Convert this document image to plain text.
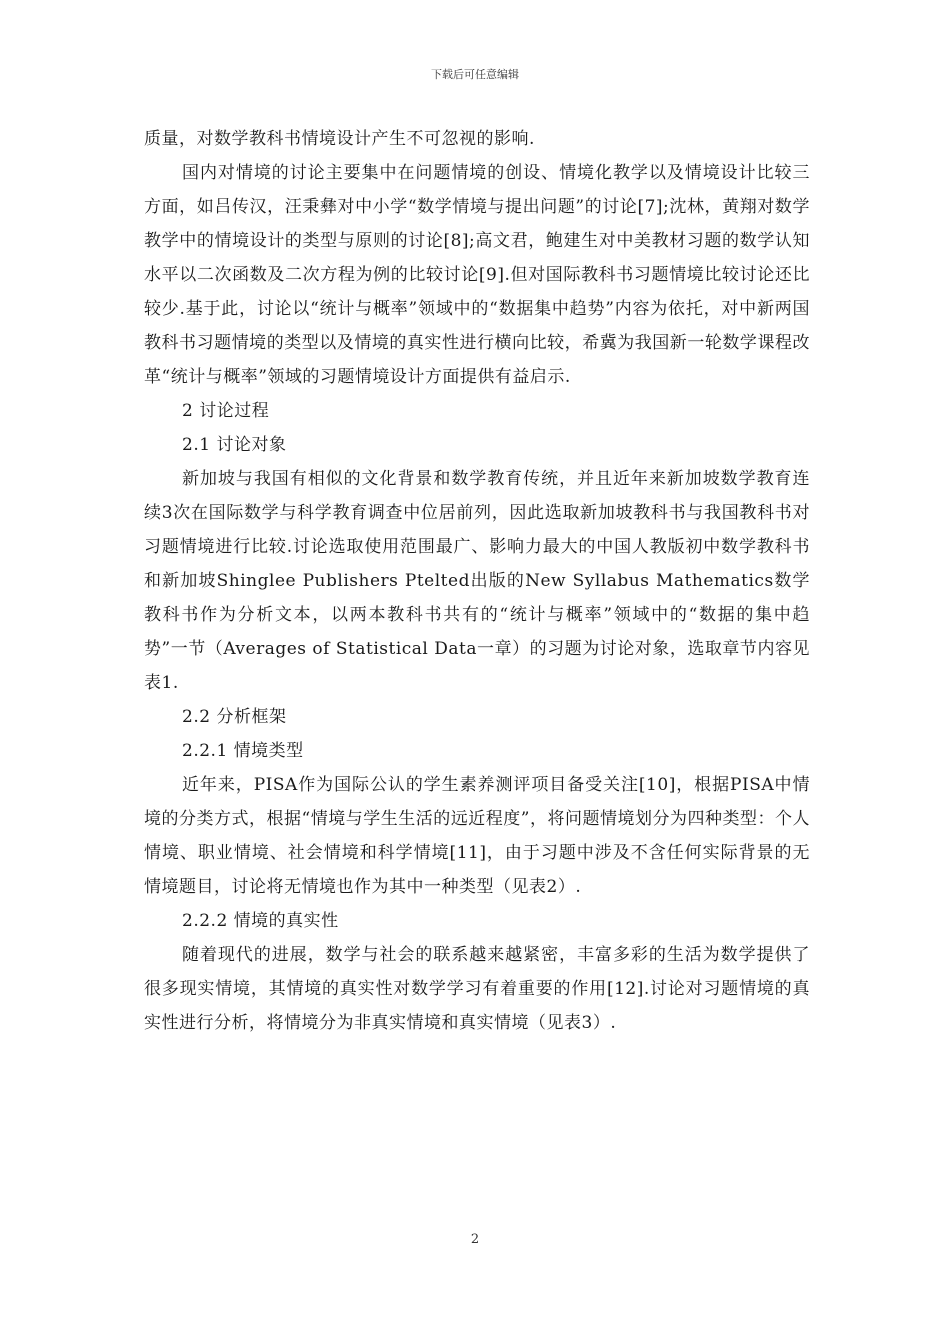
下载后可任意编辑

质量，对数学教科书情境设计产生不可忽视的影响.

国内对情境的讨论主要集中在问题情境的创设、情境化教学以及情境设计比较三方面，如吕传汉，汪秉彝对中小学“数学情境与提出问题”的讨论[7];沈林，黄翔对数学教学中的情境设计的类型与原则的讨论[8];高文君，鲍建生对中美教材习题的数学认知水平以二次函数及二次方程为例的比较讨论[9].但对国际教科书习题情境比较讨论还比较少.基于此，讨论以“统计与概率”领域中的“数据集中趋势”内容为依托，对中新两国教科书习题情境的类型以及情境的真实性进行横向比较，希冀为我国新一轮数学课程改革“统计与概率”领域的习题情境设计方面提供有益启示.

2 讨论过程

2.1 讨论对象

新加坡与我国有相似的文化背景和数学教育传统，并且近年来新加坡数学教育连续3次在国际数学与科学教育调查中位居前列，因此选取新加坡教科书与我国教科书对习题情境进行比较.讨论选取使用范围最广、影响力最大的中国人教版初中数学教科书和新加坡Shinglee Publishers Ptelted出版的New Syllabus Mathematics数学教科书作为分析文本，以两本教科书共有的“统计与概率”领域中的“数据的集中趋势”一节（Averages of Statistical Data一章）的习题为讨论对象，选取章节内容见表1.

2.2 分析框架

2.2.1 情境类型

近年来，PISA作为国际公认的学生素养测评项目备受关注[10]，根据PISA中情境的分类方式，根据“情境与学生生活的远近程度”，将问题情境划分为四种类型：个人情境、职业情境、社会情境和科学情境[11]，由于习题中涉及不含任何实际背景的无情境题目，讨论将无情境也作为其中一种类型（见表2）.

2.2.2 情境的真实性

随着现代的进展，数学与社会的联系越来越紧密，丰富多彩的生活为数学提供了很多现实情境，其情境的真实性对数学学习有着重要的作用[12].讨论对习题情境的真实性进行分析，将情境分为非真实情境和真实情境（见表3）.

2
